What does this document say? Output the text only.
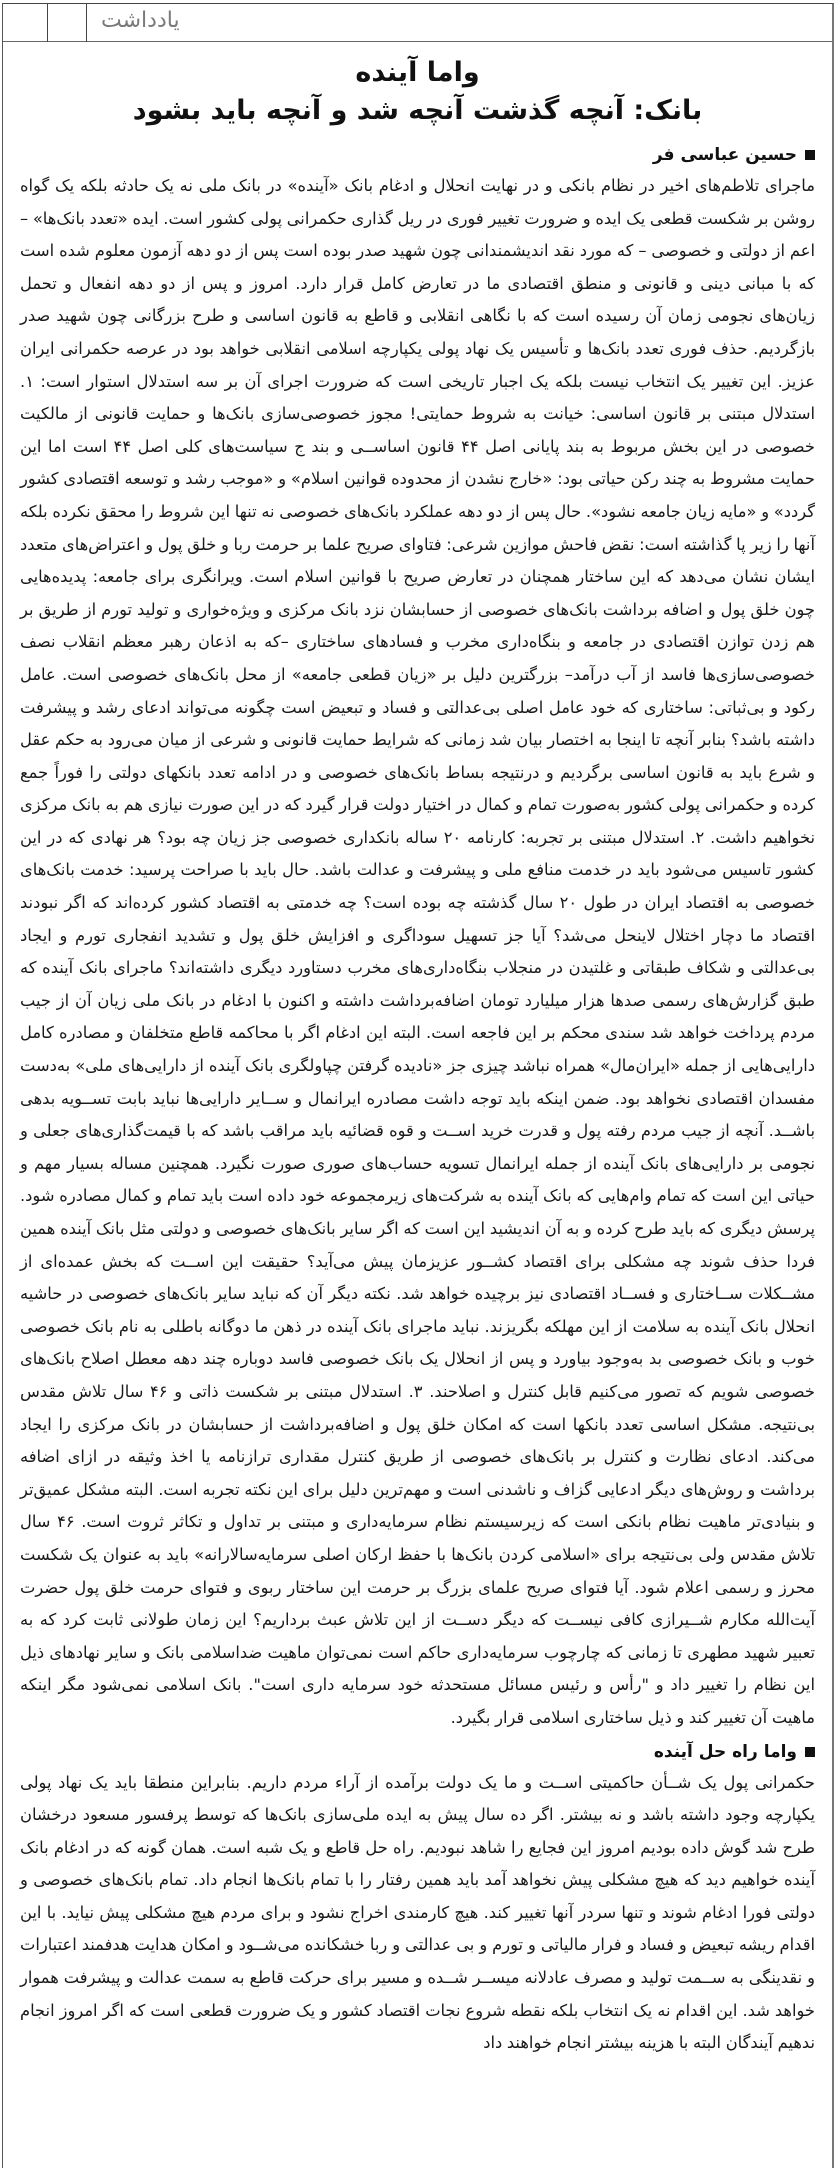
یادداشت
واما آینده
بانک: آنچه گذشت آنچه شد و آنچه باید بشود
حسین عباسی فر

ماجرای تلاطم‌های اخیر در نظام بانکی و در نهایت انحلال و ادغام بانک «آینده» در بانک ملی نه یک حادثه بلکه یک گواه روشن بر شکست قطعی یک ایده و ضرورت تغییر فوری در ریل گذاری حکمرانی پولی کشور است. ایده «تعدد بانک‌ها» –اعم از دولتی و خصوصی – که مورد نقد اندیشمندانی چون شهید صدر بوده است پس از دو دهه آزمون معلوم شده است که با مبانی دینی و قانونی و منطق اقتصادی ما در تعارض کامل قرار دارد. امروز و پس از دو دهه انفعال و تحمل زیان‌های نجومی زمان آن رسیده است که با نگاهی انقلابی و قاطع به قانون اساسی و طرح بزرگانی چون شهید صدر بازگردیم. حذف فوری تعدد بانک‌ها و تأسیس یک نهاد پولی یکپارچه اسلامی انقلابی خواهد بود در عرصه حکمرانی ایران عزیز. این تغییر یک انتخاب نیست بلکه یک اجبار تاریخی است که ضرورت اجرای آن بر سه استدلال استوار است: ۱. استدلال مبتنی بر قانون اساسی: خیانت به شروط حمایتی! مجوز خصوصی‌سازی بانک‌ها و حمایت قانونی از مالکیت خصوصی در این بخش مربوط به بند پایانی اصل ۴۴ قانون اساســی و بند ج سیاست‌های کلی اصل ۴۴ است اما این حمایت مشروط به چند رکن حیاتی بود: «خارج نشدن از محدوده قوانین اسلام» و «موجب رشد و توسعه اقتصادی کشور گردد» و «مایه زیان جامعه نشود». حال پس از دو دهه عملکرد بانک‌های خصوصی نه تنها این شروط را محقق نکرده بلکه آنها را زیر پا گذاشته است: نقض فاحش موازین شرعی: فتاوای صریح علما بر حرمت ربا و خلق پول و اعتراض‌های متعدد ایشان نشان می‌دهد که این ساختار همچنان در تعارض صریح با قوانین اسلام است. ویرانگری برای جامعه: پدیده‌هایی چون خلق پول و اضافه برداشت بانک‌های خصوصی از حسابشان نزد بانک مرکزی و ویژه‌خواری و تولید تورم از طریق بر هم زدن توازن اقتصادی در جامعه و بنگاه‌داری مخرب و فسادهای ساختاری –که به اذعان رهبر معظم انقلاب نصف خصوصی‌سازی‌ها فاسد از آب درآمد– بزرگترین دلیل بر «زیان قطعی جامعه» از محل بانک‌های خصوصی است. عامل رکود و بی‌ثباتی: ساختاری که خود عامل اصلی بی‌عدالتی و فساد و تبعیض است چگونه می‌تواند ادعای رشد و پیشرفت داشته باشد؟ بنابر آنچه تا اینجا به اختصار بیان شد زمانی که شرایط حمایت قانونی و شرعی از میان می‌رود به حکم عقل و شرع باید به قانون اساسی برگردیم و درنتیجه بساط بانک‌های خصوصی و در ادامه تعدد بانکهای دولتی را فوراً جمع کرده و حکمرانی پولی کشور به‌صورت تمام و کمال در اختیار دولت قرار گیرد که در این صورت نیازی هم به بانک مرکزی نخواهیم داشت. ۲. استدلال مبتنی بر تجربه: کارنامه ۲۰ ساله بانکداری خصوصی جز زیان چه بود؟ هر نهادی که در این کشور تاسیس می‌شود باید در خدمت منافع ملی و پیشرفت و عدالت باشد. حال باید با صراحت پرسید: خدمت بانک‌های خصوصی به اقتصاد ایران در طول ۲۰ سال گذشته چه بوده است؟ چه خدمتی به اقتصاد کشور کرده‌اند که اگر نبودند اقتصاد ما دچار اختلال لاینحل می‌شد؟ آیا جز تسهیل سوداگری و افزایش خلق پول و تشدید انفجاری تورم و ایجاد بی‌عدالتی و شکاف طبقاتی و غلتیدن در منجلاب بنگاه‌داری‌های مخرب دستاورد دیگری داشته‌اند؟ ماجرای بانک آینده که طبق گزارش‌های رسمی صدها هزار میلیارد تومان اضافه‌برداشت داشته و اکنون با ادغام در بانک ملی زیان آن از جیب مردم پرداخت خواهد شد سندی محکم بر این فاجعه است. البته این ادغام اگر با محاکمه قاطع متخلفان و مصادره کامل دارایی‌هایی از جمله «ایران‌مال» همراه نباشد چیزی جز «نادیده گرفتن چپاولگری بانک آینده از دارایی‌های ملی» به‌دست مفسدان اقتصادی نخواهد بود. ضمن اینکه باید توجه داشت مصادره ایرانمال و ســایر دارایی‌ها نباید بابت تســویه بدهی باشــد. آنچه از جیب مردم رفته پول و قدرت خرید اســت و قوه قضائیه باید مراقب باشد که با قیمت‌گذاری‌های جعلی و نجومی بر دارایی‌های بانک آینده از جمله ایرانمال تسویه حساب‌های صوری صورت نگیرد. همچنین مساله بسیار مهم و حیاتی این است که تمام وام‌هایی که بانک آینده به شرکت‌های زیرمجموعه خود داده است باید تمام و کمال مصادره شود. پرسش دیگری که باید طرح کرده و به آن اندیشید این است که اگر سایر بانک‌های خصوصی و دولتی مثل بانک آینده همین فردا حذف شوند چه مشکلی برای اقتصاد کشــور عزیزمان پیش می‌آید؟ حقیقت این اســت که بخش عمده‌ای از مشــکلات ســاختاری و فســاد اقتصادی نیز برچیده خواهد شد. نکته دیگر آن که نباید سایر بانک‌های خصوصی در حاشیه انحلال بانک آینده به سلامت از این مهلکه بگریزند. نباید ماجرای بانک آینده در ذهن ما دوگانه باطلی به نام بانک خصوصی خوب و بانک خصوصی بد به‌وجود بیاورد و پس از انحلال یک بانک خصوصی فاسد دوباره چند دهه معطل اصلاح بانک‌های خصوصی شویم که تصور می‌کنیم قابل کنترل و اصلاحند. ۳. استدلال مبتنی بر شکست ذاتی و ۴۶ سال تلاش مقدس بی‌نتیجه. مشکل اساسی تعدد بانکها است که امکان خلق پول و اضافه‌برداشت از حسابشان در بانک مرکزی را ایجاد می‌کند. ادعای نظارت و کنترل بر بانک‌های خصوصی از طریق کنترل مقداری ترازنامه یا اخذ وثیقه در ازای اضافه برداشت و روش‌های دیگر ادعایی گزاف و ناشدنی است و مهم‌ترین دلیل برای این نکته تجربه است. البته مشکل عمیق‌تر و بنیادی‌تر ماهیت نظام بانکی است که زیرسیستم نظام سرمایه‌داری و مبتنی بر تداول و تکاثر ثروت است. ۴۶ سال تلاش مقدس ولی بی‌نتیجه برای «اسلامی کردن بانک‌ها با حفظ ارکان اصلی سرمایه‌سالارانه» باید به عنوان یک شکست محرز و رسمی اعلام شود. آیا فتوای صریح علمای بزرگ بر حرمت این ساختار ربوی و فتوای حرمت خلق پول حضرت آیت‌الله مکارم شــیرازی کافی نیســت که دیگر دســت از این تلاش عبث برداریم؟ این زمان طولانی ثابت کرد که به تعبیر شهید مطهری تا زمانی که چارچوب سرمایه‌داری حاکم است نمی‌توان ماهیت ضداسلامی بانک و سایر نهادهای ذیل این نظام را تغییر داد و "رأس و رئیس مسائل مستحدثه خود سرمایه داری است". بانک اسلامی نمی‌شود مگر اینکه ماهیت آن تغییر کند و ذیل ساختاری اسلامی قرار بگیرد.

واما راه حل آینده

حکمرانی پول یک شــأن حاکمیتی اســت و ما یک دولت برآمده از آراء مردم داریم. بنابراین منطقا باید یک نهاد پولی یکپارچه وجود داشته باشد و نه بیشتر. اگر ده سال پیش به ایده ملی‌سازی بانک‌ها که توسط پرفسور مسعود درخشان طرح شد گوش داده بودیم امروز این فجایع را شاهد نبودیم. راه حل قاطع و یک شبه است. همان گونه که در ادغام بانک آینده خواهیم دید که هیچ مشکلی پیش نخواهد آمد باید همین رفتار را با تمام بانک‌ها انجام داد. تمام بانک‌های خصوصی و دولتی فورا ادغام شوند و تنها سردر آنها تغییر کند. هیچ کارمندی اخراج نشود و برای مردم هیچ مشکلی پیش نیاید. با این اقدام ریشه تبعیض و فساد و فرار مالیاتی و تورم و بی عدالتی و ربا خشکانده می‌شــود و امکان هدایت هدفمند اعتبارات و نقدینگی به ســمت تولید و مصرف عادلانه میســر شــده و مسیر برای حرکت قاطع به سمت عدالت و پیشرفت هموار خواهد شد. این اقدام نه یک انتخاب بلکه نقطه شروع نجات اقتصاد کشور و یک ضرورت قطعی است که اگر امروز انجام ندهیم آیندگان البته با هزینه بیشتر انجام خواهند داد
